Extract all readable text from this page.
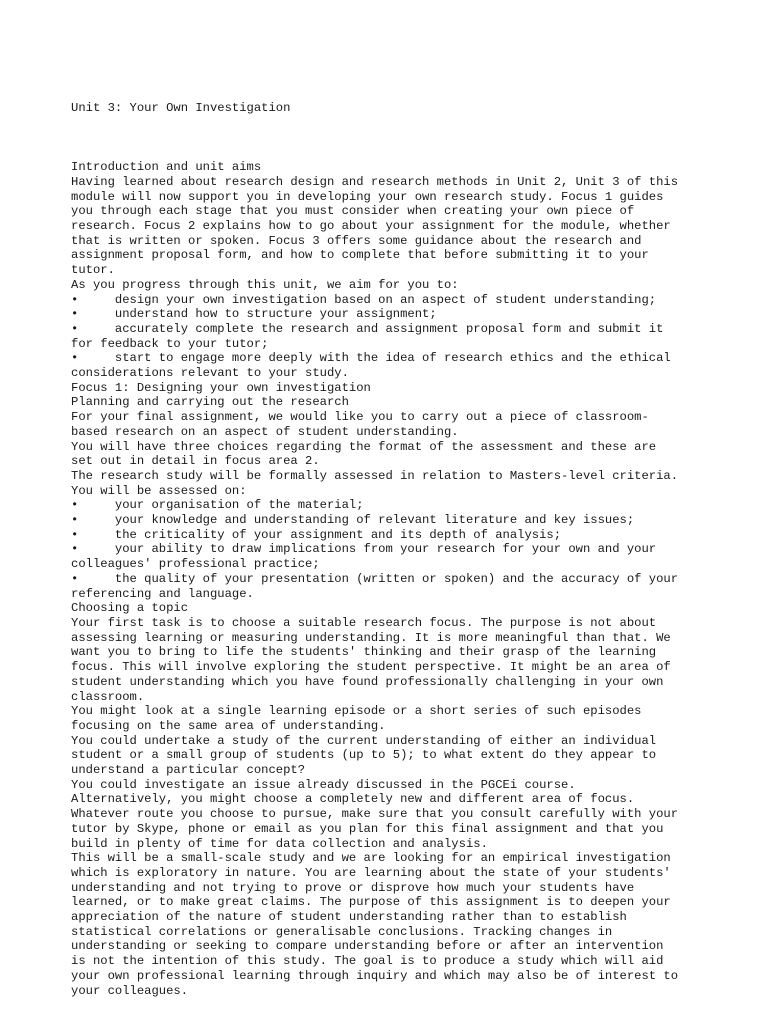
Unit 3: Your Own Investigation

Introduction and unit aims
Having learned about research design and research methods in Unit 2, Unit 3 of this
module will now support you in developing your own research study. Focus 1 guides
you through each stage that you must consider when creating your own piece of
research. Focus 2 explains how to go about your assignment for the module, whether
that is written or spoken. Focus 3 offers some guidance about the research and
assignment proposal form, and how to complete that before submitting it to your
tutor.
As you progress through this unit, we aim for you to:
•     design your own investigation based on an aspect of student understanding;
•     understand how to structure your assignment;
•     accurately complete the research and assignment proposal form and submit it
for feedback to your tutor;
•     start to engage more deeply with the idea of research ethics and the ethical
considerations relevant to your study.
Focus 1: Designing your own investigation
Planning and carrying out the research
For your final assignment, we would like you to carry out a piece of classroom-
based research on an aspect of student understanding.
You will have three choices regarding the format of the assessment and these are
set out in detail in focus area 2.
The research study will be formally assessed in relation to Masters-level criteria.
You will be assessed on:
•     your organisation of the material;
•     your knowledge and understanding of relevant literature and key issues;
•     the criticality of your assignment and its depth of analysis;
•     your ability to draw implications from your research for your own and your
colleagues' professional practice;
•     the quality of your presentation (written or spoken) and the accuracy of your
referencing and language.
Choosing a topic
Your first task is to choose a suitable research focus. The purpose is not about
assessing learning or measuring understanding. It is more meaningful than that. We
want you to bring to life the students' thinking and their grasp of the learning
focus. This will involve exploring the student perspective. It might be an area of
student understanding which you have found professionally challenging in your own
classroom.
You might look at a single learning episode or a short series of such episodes
focusing on the same area of understanding.
You could undertake a study of the current understanding of either an individual
student or a small group of students (up to 5); to what extent do they appear to
understand a particular concept?
You could investigate an issue already discussed in the PGCEi course.
Alternatively, you might choose a completely new and different area of focus.
Whatever route you choose to pursue, make sure that you consult carefully with your
tutor by Skype, phone or email as you plan for this final assignment and that you
build in plenty of time for data collection and analysis.
This will be a small-scale study and we are looking for an empirical investigation
which is exploratory in nature. You are learning about the state of your students'
understanding and not trying to prove or disprove how much your students have
learned, or to make great claims. The purpose of this assignment is to deepen your
appreciation of the nature of student understanding rather than to establish
statistical correlations or generalisable conclusions. Tracking changes in
understanding or seeking to compare understanding before or after an intervention
is not the intention of this study. The goal is to produce a study which will aid
your own professional learning through inquiry and which may also be of interest to
your colleagues.
